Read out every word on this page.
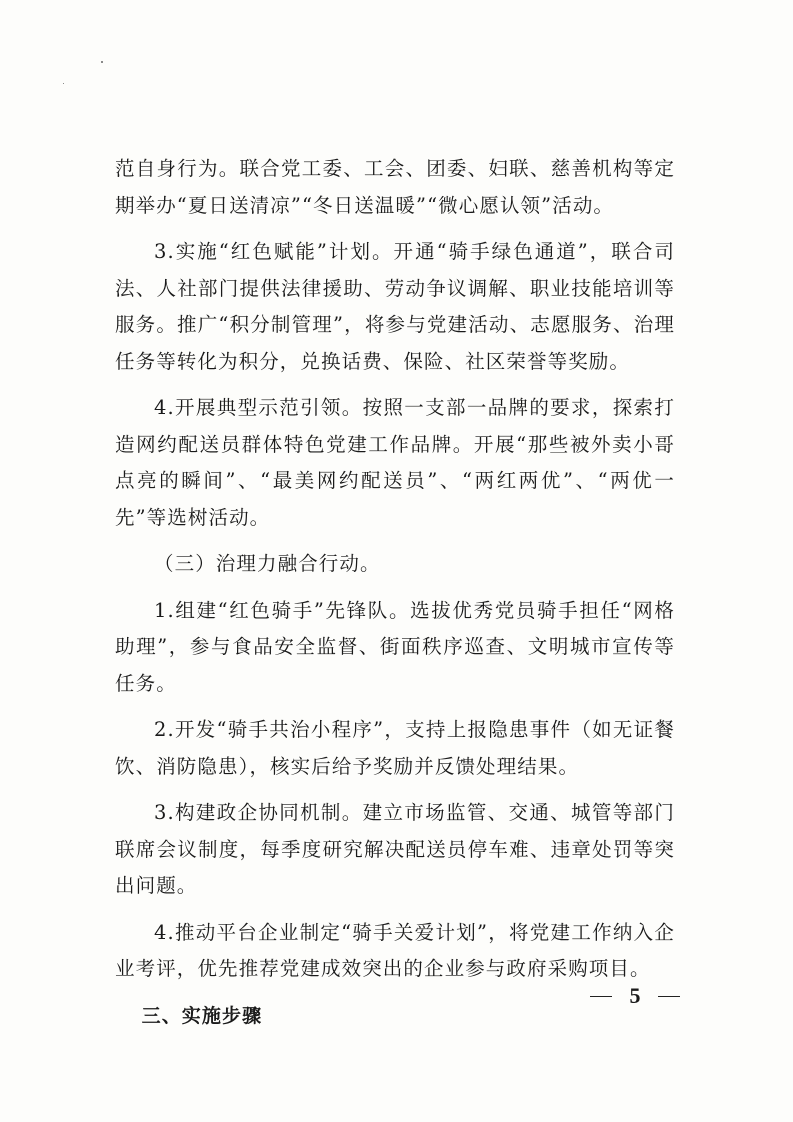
范自身行为。联合党工委、工会、团委、妇联、慈善机构等定期举办“夏日送清凉”“冬日送温暖”“微心愿认领”活动。

3.实施“红色赋能”计划。开通“骑手绿色通道”，联合司法、人社部门提供法律援助、劳动争议调解、职业技能培训等服务。推广“积分制管理”，将参与党建活动、志愿服务、治理任务等转化为积分，兑换话费、保险、社区荣誉等奖励。

4.开展典型示范引领。按照一支部一品牌的要求，探索打造网约配送员群体特色党建工作品牌。开展“那些被外卖小哥点亮的瞬间”、“最美网约配送员”、“两红两优”、“两优一先”等选树活动。

（三）治理力融合行动。

1.组建“红色骑手”先锋队。选拔优秀党员骑手担任“网格助理”，参与食品安全监督、街面秩序巡查、文明城市宣传等任务。

2.开发“骑手共治小程序”，支持上报隐患事件（如无证餐饮、消防隐患），核实后给予奖励并反馈处理结果。

3.构建政企协同机制。建立市场监管、交通、城管等部门联席会议制度，每季度研究解决配送员停车难、违章处罚等突出问题。

4.推动平台企业制定“骑手关爱计划”，将党建工作纳入企业考评，优先推荐党建成效突出的企业参与政府采购项目。

三、实施步骤

5
